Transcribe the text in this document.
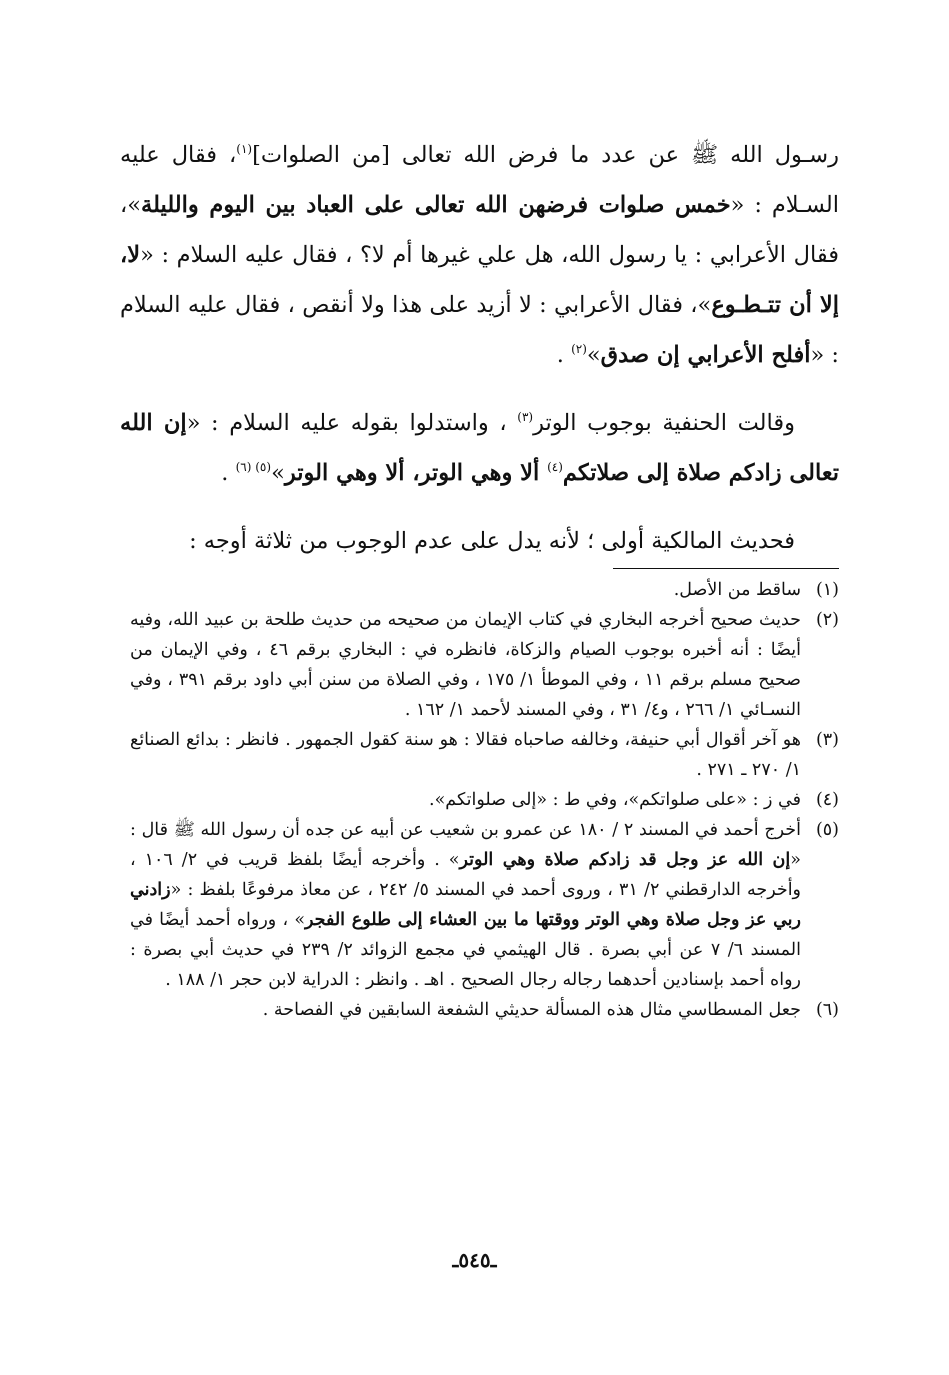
رسـول الله ﷺ عن عدد ما فرض الله تعالى [من الصلوات]$^{(١)}$، فقال عليه السـلام : «خمس صلوات فرضهن الله تعالى على العباد بين اليوم والليلة»، فقال الأعرابي : يا رسول الله، هل علي غيرها أم لا؟ ، فقال عليه السلام : «لا، إلا أن تتـطـوع»، فقال الأعرابي : لا أزيد على هذا ولا أنقص ، فقال عليه السلام : «أفلح الأعرابي إن صدق»$^{(٢)}$ .

وقالت الحنفية بوجوب الوتر$^{(٣)}$ ، واستدلوا بقوله عليه السلام : «إن الله تعالى زادكم صلاة إلى صلاتكم$^{(٤)}$ ألا وهي الوتر، ألا وهي الوتر»$^{(٥) (٦)}$ .

فحديث المالكية أولى ؛ لأنه يدل على عدم الوجوب من ثلاثة أوجه :

(١)
ساقط من الأصل.
(٢)
حديث صحيح أخرجه البخاري في كتاب الإيمان من صحيحه من حديث طلحة بن عبيد الله، وفيه أيضًا : أنه أخبره بوجوب الصيام والزكاة، فانظره في : البخاري برقم ٤٦ ، وفي الإيمان من صحيح مسلم برقم ١١ ، وفي الموطأ ١/ ١٧٥ ، وفي الصلاة من سنن أبي داود برقم ٣٩١ ، وفي النسـائي ١/ ٢٦٦ ، و٤/ ٣١ ، وفي المسند لأحمد ١/ ١٦٢ .
(٣)
هو آخر أقوال أبي حنيفة، وخالفه صاحباه فقالا : هو سنة كقول الجمهور . فانظر : بدائع الصنائع ١/ ٢٧٠ ـ ٢٧١ .
(٤)
في ز : «على صلواتكم»، وفي ط : «إلى صلواتكم».
(٥)
أخرج أحمد في المسند ٢ / ١٨٠ عن عمرو بن شعيب عن أبيه عن جده أن رسول الله ﷺ قال : «إن الله عز وجل قد زادكم صلاة وهي الوتر» . وأخرجه أيضًا بلفظ قريب في ٢/ ١٠٦ ، وأخرجه الدارقطني ٢/ ٣١ ، وروى أحمد في المسند ٥/ ٢٤٢ ، عن معاذ مرفوعًا بلفظ : «زادني ربي عز وجل صلاة وهي الوتر ووقتها ما بين العشاء إلى طلوع الفجر» ، ورواه أحمد أيضًا في المسند ٦/ ٧ عن أبي بصرة . قال الهيثمي في مجمع الزوائد ٢/ ٢٣٩ في حديث أبي بصرة : رواه أحمد بإسنادين أحدهما رجاله رجال الصحيح . اهـ . وانظر : الدراية لابن حجر ١/ ١٨٨ .
(٦)
جعل المسطاسي مثال هذه المسألة حديثي الشفعة السابقين في الفصاحة .
ـ٥٤٥ـ
